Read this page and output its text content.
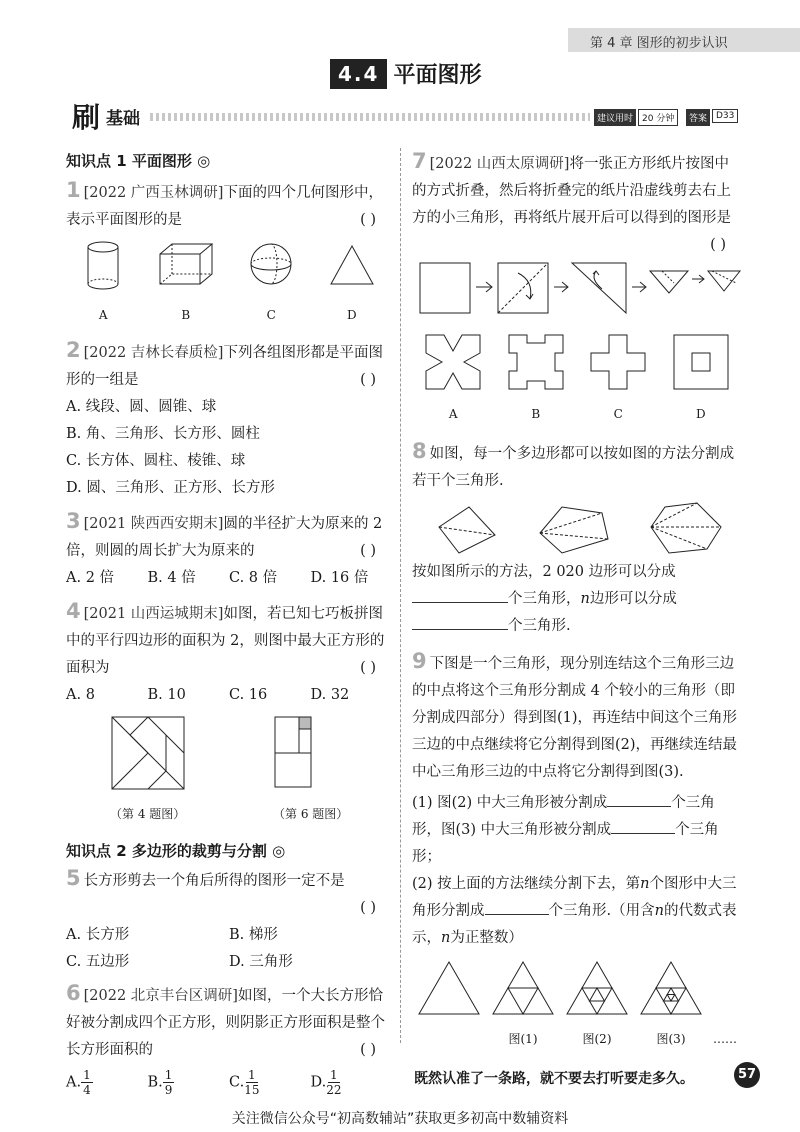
第 4 章 图形的初步认识
4.4 平面图形
刷 基础	建议用时 20 分钟	答案 D33
知识点 1 平面图形 ◎
1 [2022 广西玉林调研]下面的四个几何图形中，表示平面图形的是	( )
A	B	C	D
2 [2022 吉林长春质检]下列各组图形都是平面图形的一组是	( )
A. 线段、圆、圆锥、球
B. 角、三角形、长方形、圆柱
C. 长方体、圆柱、棱锥、球
D. 圆、三角形、正方形、长方形
3 [2021 陕西西安期末]圆的半径扩大为原来的 2 倍，则圆的周长扩大为原来的	( )
A. 2 倍	B. 4 倍	C. 8 倍	D. 16 倍
4 [2021 山西运城期末]如图，若已知七巧板拼图中的平行四边形的面积为 2，则图中最大正方形的面积为	( )
A. 8	B. 10	C. 16	D. 32
（第 4 题图）	（第 6 题图）
知识点 2 多边形的裁剪与分割 ◎
5 长方形剪去一个角后所得的图形一定不是
( )
A. 长方形	B. 梯形
C. 五边形	D. 三角形
6 [2022 北京丰台区调研]如图，一个大长方形恰好被分割成四个正方形，则阴影正方形面积是整个长方形面积的	( )
A. $\frac{1}{4}$	B. $\frac{1}{9}$	C. $\frac{1}{15}$	D. $\frac{1}{22}$
7 [2022 山西太原调研]将一张正方形纸片按图中的方式折叠，然后将折叠完的纸片沿虚线剪去右上方的小三角形，再将纸片展开后可以得到的图形是
( )
A	B	C	D
8 如图，每一个多边形都可以按如图的方法分割成若干个三角形.
按如图所示的方法，2 020 边形可以分成个三角形，n边形可以分成个三角形.
9 下图是一个三角形，现分别连结这个三角形三边的中点将这个三角形分割成 4 个较小的三角形（即分割成四部分）得到图(1)，再连结中间这个三角形三边的中点继续将它分割得到图(2)，再继续连结最中心三角形三边的中点将它分割得到图(3).
(1) 图(2) 中大三角形被分割成	个三角形，图(3) 中大三角形被分割成	个三角形；
(2) 按上面的方法继续分割下去，第n个图形中大三角形分割成	个三角形.（用含n的代数式表示，n为正整数）

图(1)	图(2)	图(3)	……
既然认准了一条路，就不要去打听要走多久。	57
关注微信公众号“初高数辅站”获取更多初高中数辅资料
